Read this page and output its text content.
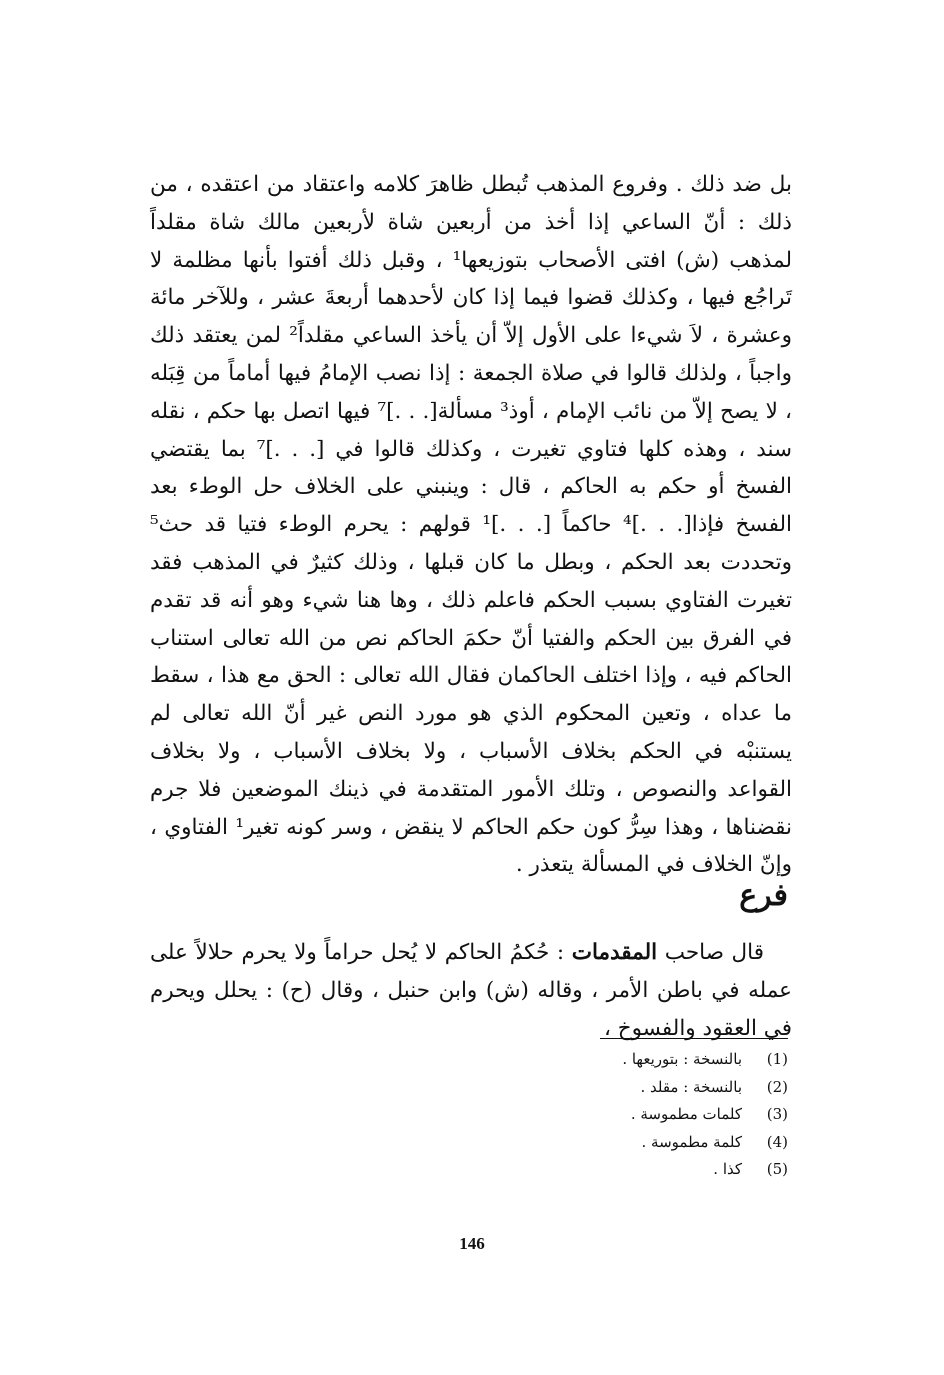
بل ضد ذلك . وفروع المذهب تُبطل ظاهرَ كلامه واعتقاد من اعتقده ، من ذلك : أنّ الساعي إذا أخذ من أربعين شاة لأربعين مالك شاة مقلداً لمذهب (ش) افتى الأصحاب بتوزيعها¹ ، وقبل ذلك أفتوا بأنها مظلمة لا تَراجُع فيها ، وكذلك قضوا فيما إذا كان لأحدهما أربعةَ عشر ، وللآخر مائة وعشرة ، لاَ شيءا على الأول إلاّ أن يأخذ الساعي مقلداً² لمن يعتقد ذلك واجباً ، ولذلك قالوا في صلاة الجمعة : إذا نصب الإمامُ فيها أماماً من قِبَله ، لا يصح إلاّ من نائب الإمام ، أوذ³ مسألة[. . .]⁷ فيها اتصل بها حكم ، نقله سند ، وهذه كلها فتاوي تغيرت ، وكذلك قالوا في [. . .]⁷ بما يقتضي الفسخ أو حكم به الحاكم ، قال : وينبني على الخلاف حل الوطء بعد الفسخ فإذا[. . .]⁴ حاكماً [. . .]¹ قولهم : يحرم الوطء فتيا قد حث⁵ وتحددت بعد الحكم ، وبطل ما كان قبلها ، وذلك كثيرٌ في المذهب فقد تغيرت الفتاوي بسبب الحكم فاعلم ذلك ، وها هنا شيء وهو أنه قد تقدم في الفرق بين الحكم والفتيا أنّ حكمَ الحاكم نص من الله تعالى استناب الحاكم فيه ، وإذا اختلف الحاكمان فقال الله تعالى : الحق مع هذا ، سقط ما عداه ، وتعين المحكوم الذي هو مورد النص غير أنّ الله تعالى لم يستنبْه في الحكم بخلاف الأسباب ، ولا بخلاف الأسباب ، ولا بخلاف القواعد والنصوص ، وتلك الأمور المتقدمة في ذينك الموضعين فلا جرم نقضناها ، وهذا سِرُّ كون حكم الحاكم لا ينقض ، وسر كونه تغير¹ الفتاوي ، وإنّ الخلاف في المسألة يتعذر .
فرع
قال صاحب المقدمات : حُكمُ الحاكم لا يُحل حراماً ولا يحرم حلالاً على عمله في باطن الأمر ، وقاله (ش) وابن حنبل ، وقال (ح) : يحلل ويحرم في العقود والفسوخ ،
(1)
بالنسخة : بتوريعها .
(2)
بالنسخة : مقلد .
(3)
كلمات مطموسة .
(4)
كلمة مطموسة .
(5)
كذا .
146
